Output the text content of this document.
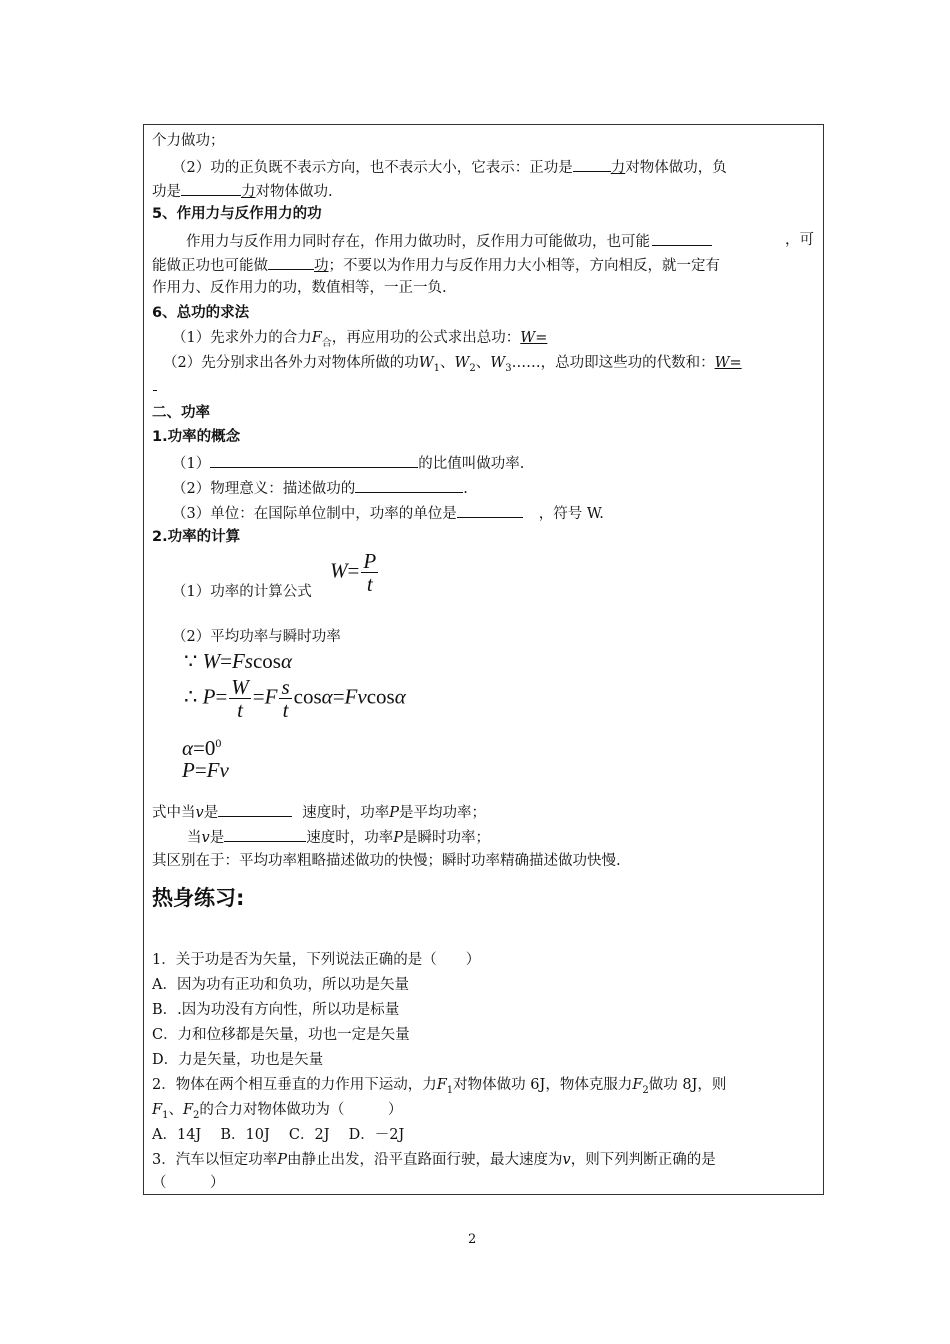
个力做功；
（2）功的正负既不表示方向，也不表示大小，它表示：正功是	力对物体做功，负
功是	力对物体做功.
5、作用力与反作用力的功
作用力与反作用力同时存在，作用力做功时，反作用力可能做功，也可能	，可
能做正功也可能做	功；不要以为作用力与反作用力大小相等，方向相反，就一定有
作用力、反作用力的功，数值相等，一正一负.
6、总功的求法
（1）先求外力的合力$F_合$，再应用功的公式求出总功：W=
（2）先分别求出各外力对物体所做的功$W_1$、$W_2$、$W_3\dots\dots$，总功即这些功的代数和：W=
二、功率
1.功率的概念
（1）	的比值叫做功率.
（2）物理意义：描述做功的	.
（3）单位：在国际单位制中，功率的单位是	，符号 W.
2.功率的计算
（1）功率的计算公式
$W= \frac{P}{t}$
（2）平均功率与瞬时功率
∵ W=Fscosα
∴ $P= \frac{W}{t} =F \frac{s}{t} \cos\alpha=Fvcos\alpha$
$\alpha=0^0$
P=Fv
式中当v是	速度时，功率P是平均功率；
当v是	速度时，功率P是瞬时功率；
其区别在于：平均功率粗略描述做功的快慢；瞬时功率精确描述做功快慢.
热身练习:
1．关于功是否为矢量，下列说法正确的是（　　）
A．因为功有正功和负功，所以功是矢量
B．.因为功没有方向性，所以功是标量
C．力和位移都是矢量，功也一定是矢量
D．力是矢量，功也是矢量
2．物体在两个相互垂直的力作用下运动，力$F_1$对物体做功 6J，物体克服力$F_2$做功 8J，则
$F_1$、$F_2$的合力对物体做功为（　　　）
A．14J　 B．10J　 C．2J　 D．－2J
3．汽车以恒定功率P由静止出发，沿平直路面行驶，最大速度为v，则下列判断正确的是
（　　　）
2
